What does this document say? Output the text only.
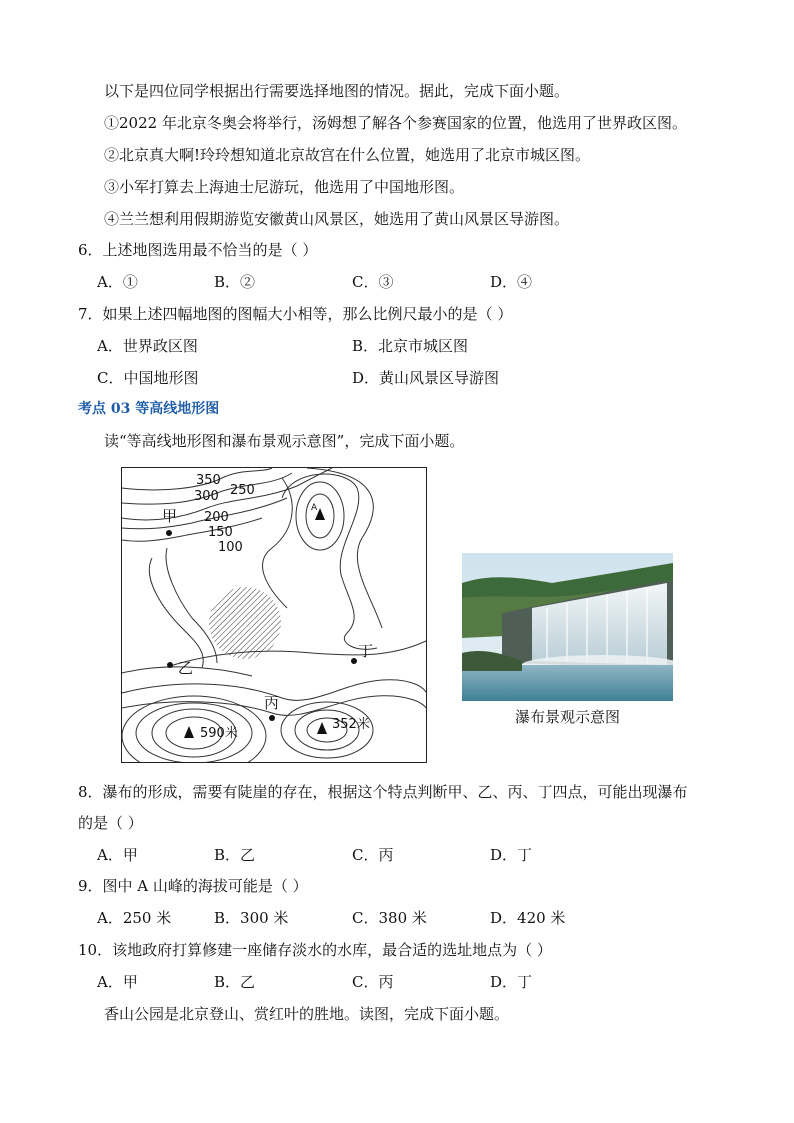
以下是四位同学根据出行需要选择地图的情况。据此，完成下面小题。
①2022 年北京冬奥会将举行，汤姆想了解各个参赛国家的位置，他选用了世界政区图。
②北京真大啊!玲玲想知道北京故宫在什么位置，她选用了北京市城区图。
③小军打算去上海迪士尼游玩，他选用了中国地形图。
④兰兰想利用假期游览安徽黄山风景区，她选用了黄山风景区导游图。
6．上述地图选用最不恰当的是（ ）
A．①	B．②	C．③	D．④
7．如果上述四幅地图的图幅大小相等，那么比例尺最小的是（ ）
A．世界政区图	B．北京市城区图
C．中国地形图	D．黄山风景区导游图
考点 03 等高线地形图
读“等高线地形图和瀑布景观示意图”，完成下面小题。
350
300 250
200
150
100
甲
乙
丙
丁
A
590米
352米	瀑布景观示意图
8．瀑布的形成，需要有陡崖的存在，根据这个特点判断甲、乙、丙、丁四点，可能出现瀑布
的是（ ）
A．甲	B．乙	C．丙	D．丁
9．图中 A 山峰的海拔可能是（ ）
A．250 米	B．300 米	C．380 米	D．420 米
10．该地政府打算修建一座储存淡水的水库，最合适的选址地点为（ ）
A．甲	B．乙	C．丙	D．丁
香山公园是北京登山、赏红叶的胜地。读图，完成下面小题。
